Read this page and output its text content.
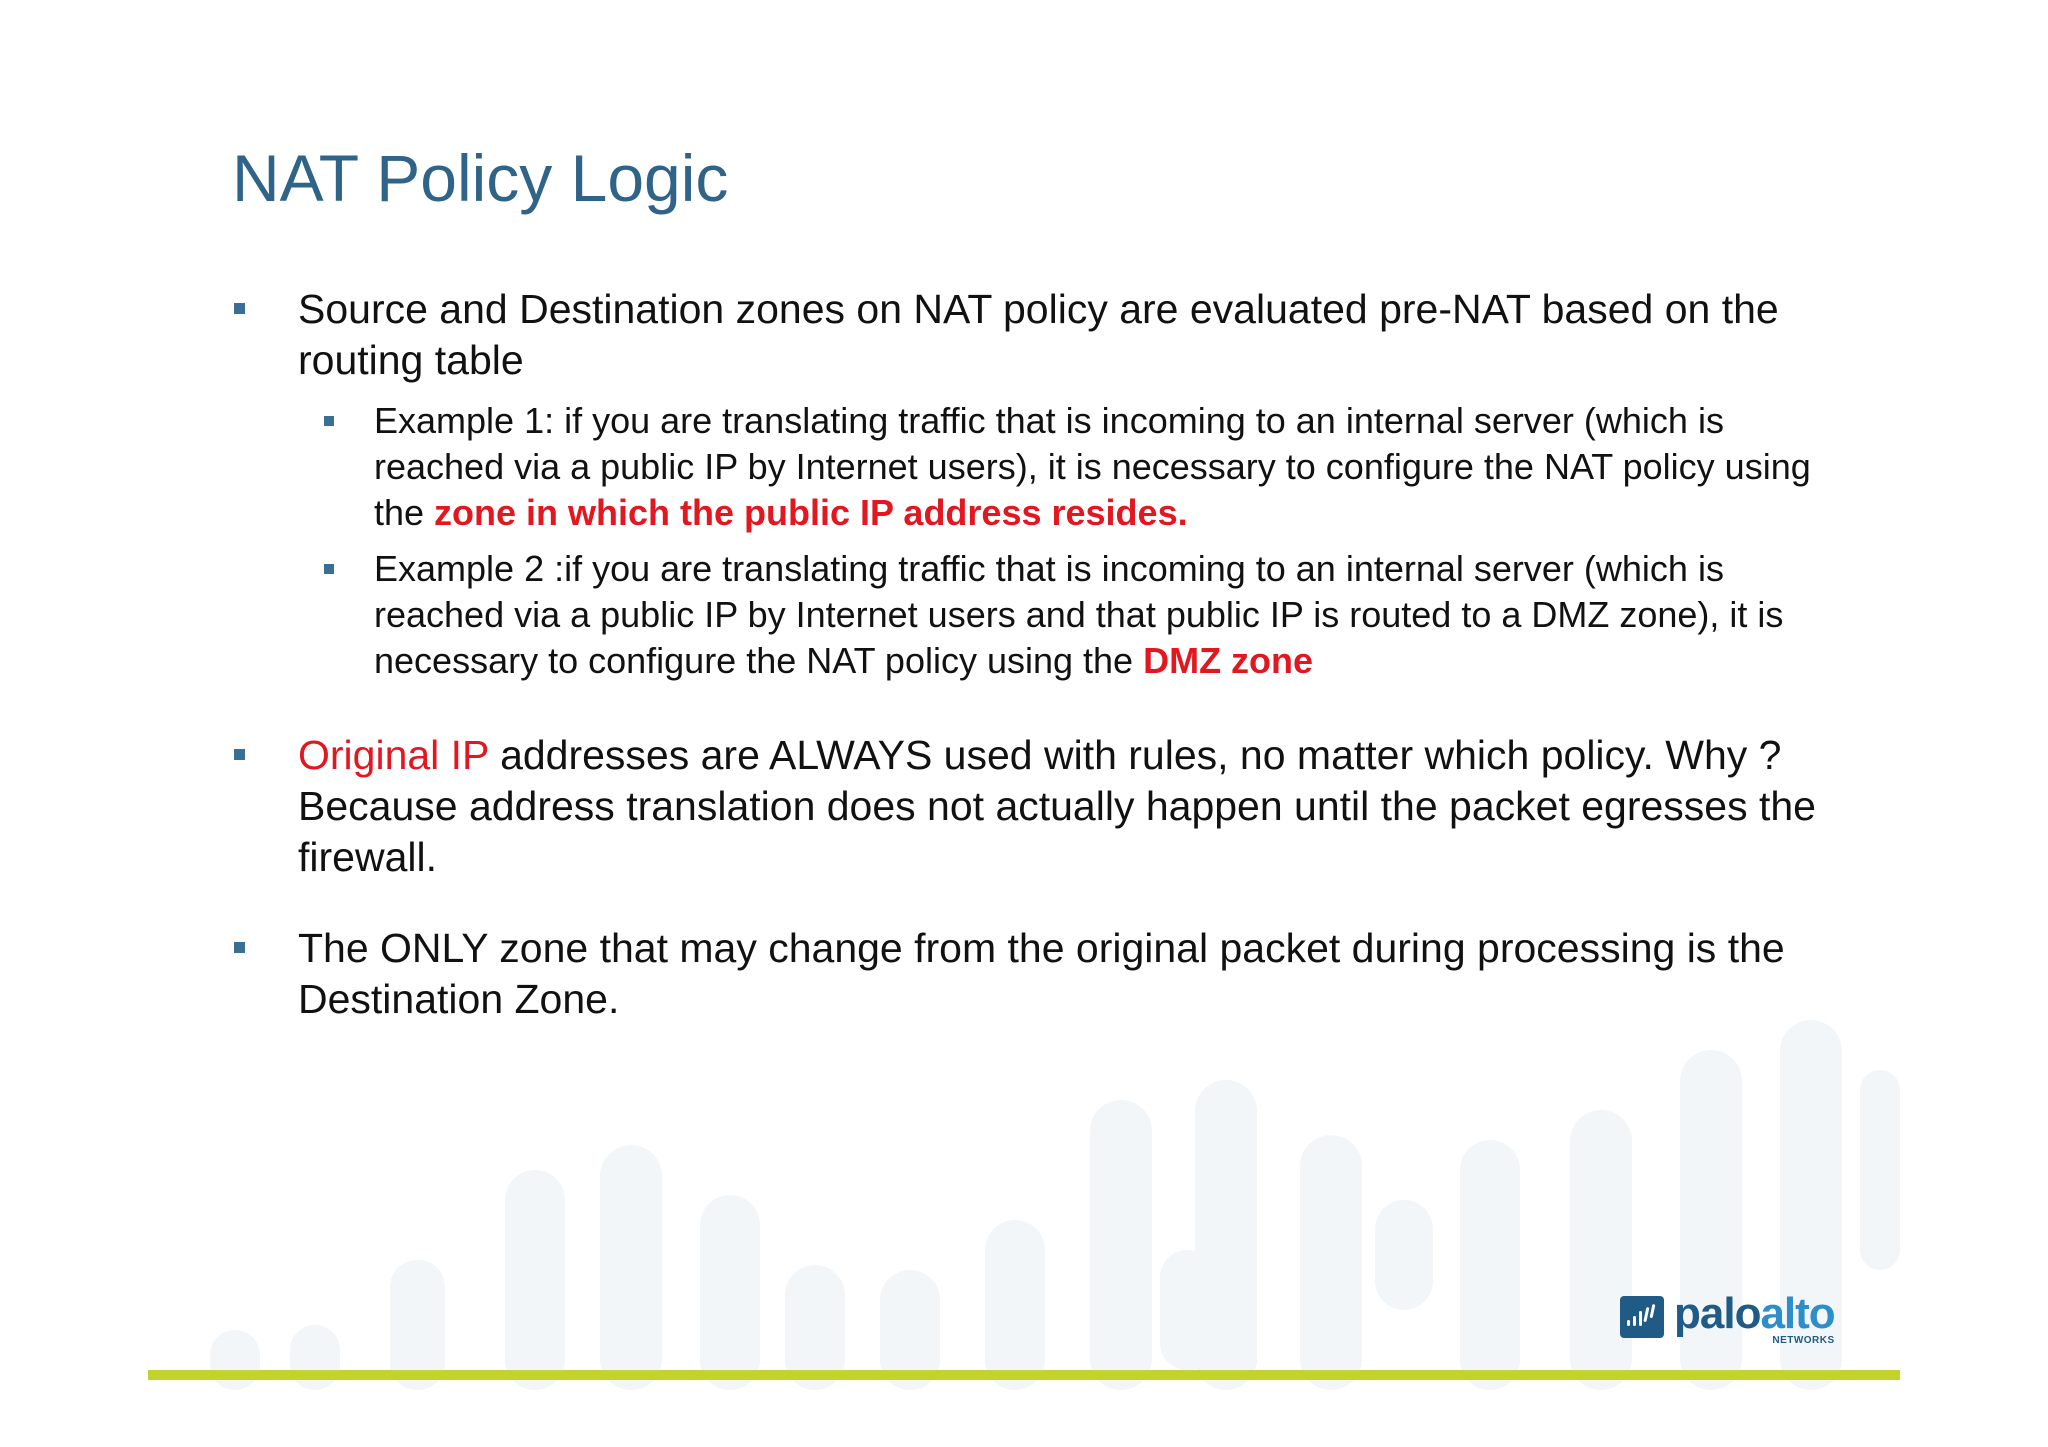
NAT Policy Logic
Source and Destination zones on NAT policy are evaluated pre-NAT based on the routing table
Example 1: if you are translating traffic that is incoming to an internal server (which is reached via a public IP by Internet users), it is necessary to configure the NAT policy using the zone in which the public IP address resides.
Example 2 :if you are translating traffic that is incoming to an internal server (which is reached via a public IP by Internet users and that public IP is routed to a DMZ zone), it is necessary to configure the NAT policy using the DMZ zone
Original IP addresses are ALWAYS used with rules, no matter which policy. Why ? Because address translation does not actually happen until the packet egresses the firewall.
The ONLY zone that may change from the original packet during processing is the Destination Zone.
paloalto
NETWORKS
